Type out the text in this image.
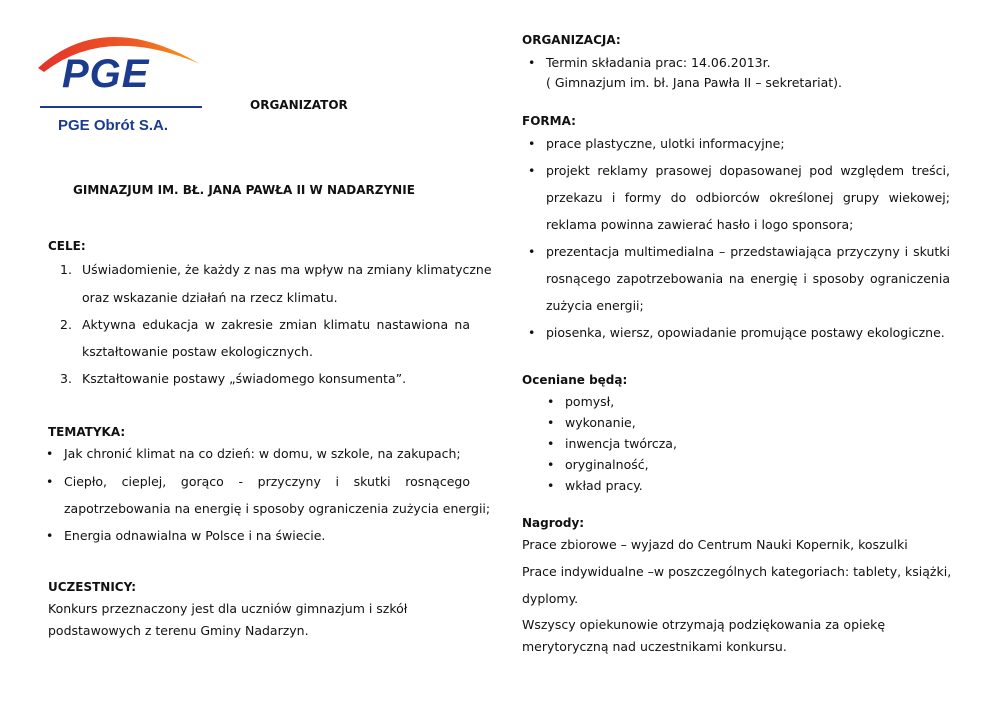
PGE
PGE Obrót S.A.
ORGANIZATOR
GIMNAZJUM IM. BŁ. JANA PAWŁA II W NADARZYNIE
CELE:
1. Uświadomienie, że każdy z nas ma wpływ na zmiany klimatyczne
oraz wskazanie działań na rzecz klimatu.
2. Aktywna edukacja w zakresie zmian klimatu nastawiona na
kształtowanie postaw ekologicznych.
3. Kształtowanie postawy „świadomego konsumenta”.
TEMATYKA:
• Jak chronić klimat na co dzień: w domu, w szkole, na zakupach;
• Ciepło, cieplej, gorąco - przyczyny i skutki rosnącego
zapotrzebowania na energię i sposoby ograniczenia zużycia energii;
• Energia odnawialna w Polsce i na świecie.
UCZESTNICY:
Konkurs przeznaczony jest dla uczniów gimnazjum i szkół
podstawowych z terenu Gminy Nadarzyn.
ORGANIZACJA:
• Termin składania prac: 14.06.2013r.
( Gimnazjum im. bł. Jana Pawła II – sekretariat).
FORMA:
• prace plastyczne, ulotki informacyjne;
• projekt reklamy prasowej dopasowanej pod względem treści,
przekazu i formy do odbiorców określonej grupy wiekowej;
reklama powinna zawierać hasło i logo sponsora;
• prezentacja multimedialna – przedstawiająca przyczyny i skutki
rosnącego zapotrzebowania na energię i sposoby ograniczenia
zużycia energii;
• piosenka, wiersz, opowiadanie promujące postawy ekologiczne.
Oceniane będą:
• pomysł,
• wykonanie,
• inwencja twórcza,
• oryginalność,
• wkład pracy.
Nagrody:
Prace zbiorowe – wyjazd do Centrum Nauki Kopernik, koszulki
Prace indywidualne –w poszczególnych kategoriach: tablety, książki,
dyplomy.
Wszyscy opiekunowie otrzymają podziękowania za opiekę
merytoryczną nad uczestnikami konkursu.
